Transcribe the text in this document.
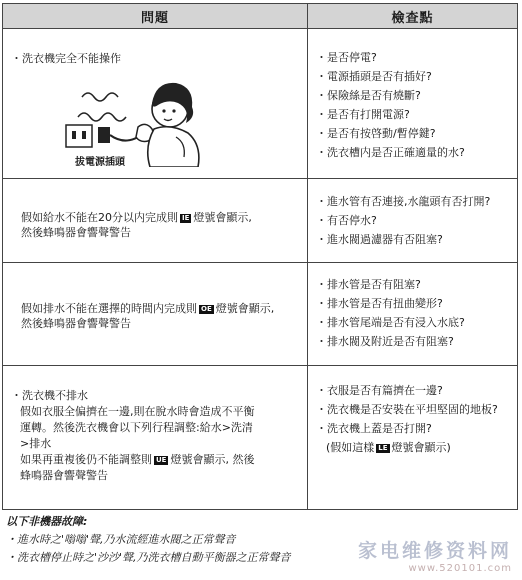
問題	檢查點
・洗衣機完全不能操作
拔電源插頭

・是否停電?

・電源插頭是否有插好?

・保險絲是否有燒斷?

・是否有打開電源?

・是否有按啓動/暫停鍵?

・洗衣槽内是否正確適量的水?

假如給水不能在20分以内完成則 IE 燈號會顯示,
然後蜂鳴器會響聲警告

・進水管有否連接,水龍頭有否打開?

・有否停水?

・進水閥過濾器有否阻塞?

假如排水不能在選擇的時間内完成則 OE 燈號會顯示,
然後蜂鳴器會響聲警告

・排水管是否有阻塞?

・排水管是否有扭曲變形?

・排水管尾端是否有浸入水底?

・排水閥及附近是否有阻塞?

・洗衣機不排水
假如衣服全偏擠在一邊,則在脫水時會造成不平衡
運轉。然後洗衣機會以下列行程調整:給水>洗清
>排水
如果再重複後仍不能調整則 UE 燈號會顯示, 然後
蜂鳴器會響聲警告

・衣服是否有篇擠在一邊?

・洗衣機是否安裝在平坦堅固的地板?

・洗衣機上蓋是否打開?

(假如這樣 LE 燈號會顯示)

以下非機器故障:
・進水時之'嗡嗡'聲,乃水流經進水閥之正常聲音
・洗衣槽停止時之'沙沙'聲,乃洗衣槽自動平衡器之正常聲音	家电维修资料网
www.520101.com
